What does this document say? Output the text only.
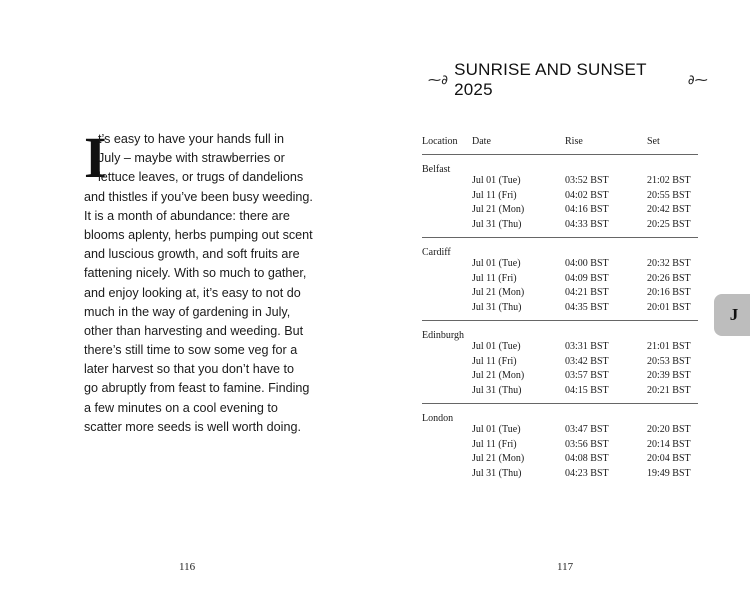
I
t’s easy to have your hands full in
July – maybe with strawberries or
lettuce leaves, or trugs of dandelions
and thistles if you’ve been busy weeding.
It is a month of abundance: there are
blooms aplenty, herbs pumping out scent
and luscious growth, and soft fruits are
fattening nicely. With so much to gather,
and enjoy looking at, it’s easy to not do
much in the way of gardening in July,
other than harvesting and weeding. But
there’s still time to sow some veg for a
later harvest so that you don’t have to
go abruptly from feast to famine. Finding
a few minutes on a cool evening to
scatter more seeds is well worth doing.
116
⁓∂
SUNRISE AND SUNSET 2025	∂⁓
Location Date	Rise	Set
Belfast
Jul 01 (Tue)	03:52 BST	21:02 BST
Jul 11 (Fri)	04:02 BST	20:55 BST
Jul 21 (Mon)	04:16 BST	20:42 BST
Jul 31 (Thu)	04:33 BST	20:25 BST
Cardiff
Jul 01 (Tue)	04:00 BST	20:32 BST
Jul 11 (Fri)	04:09 BST	20:26 BST
Jul 21 (Mon)	04:21 BST	20:16 BST
Jul 31 (Thu)	04:35 BST	20:01 BST
Edinburgh
Jul 01 (Tue)	03:31 BST	21:01 BST
Jul 11 (Fri)	03:42 BST	20:53 BST
Jul 21 (Mon)	03:57 BST	20:39 BST
Jul 31 (Thu)	04:15 BST	20:21 BST
London
Jul 01 (Tue)	03:47 BST	20:20 BST
Jul 11 (Fri)	03:56 BST	20:14 BST
Jul 21 (Mon)	04:08 BST	20:04 BST
Jul 31 (Thu)	04:23 BST	19:49 BST
117
J
